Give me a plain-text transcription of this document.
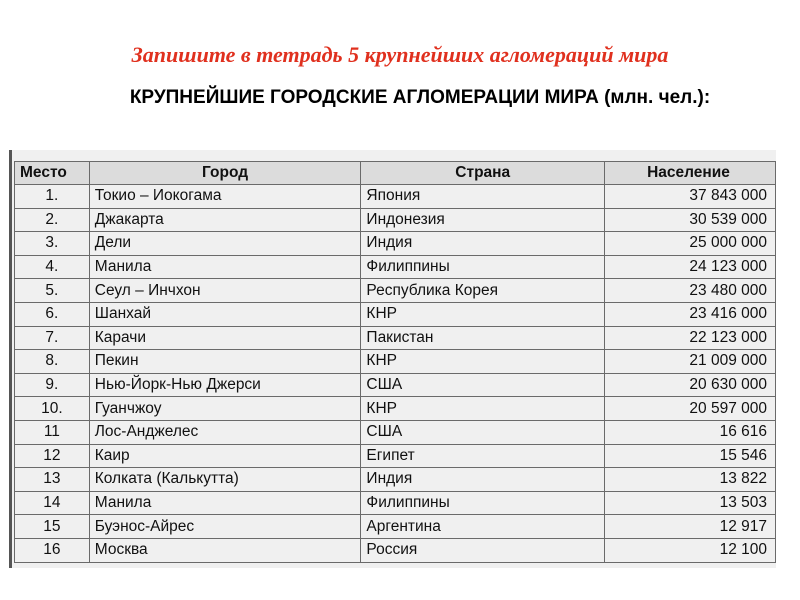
Запишите в тетрадь 5 крупнейших агломераций мира
КРУПНЕЙШИЕ ГОРОДСКИЕ АГЛОМЕРАЦИИ МИРА (млн. чел.):
Место	Город	Страна	Население
1.	Токио – Иокогама	Япония	37 843 000
2.	Джакарта	Индонезия	30 539 000
3.	Дели	Индия	25 000 000
4.	Манила	Филиппины	24 123 000
5.	Сеул – Инчхон	Республика Корея	23 480 000
6.	Шанхай	КНР	23 416 000
7.	Карачи	Пакистан	22 123 000
8.	Пекин	КНР	21 009 000
9.	Нью-Йорк-Нью Джерси	США	20 630 000
10.	Гуанчжоу	КНР	20 597 000
11	Лос-Анджелес	США	16 616
12	Каир	Египет	15 546
13	Колката (Калькутта)	Индия	13 822
14	Манила	Филиппины	13 503
15	Буэнос-Айрес	Аргентина	12 917
16	Москва	Россия	12 100
